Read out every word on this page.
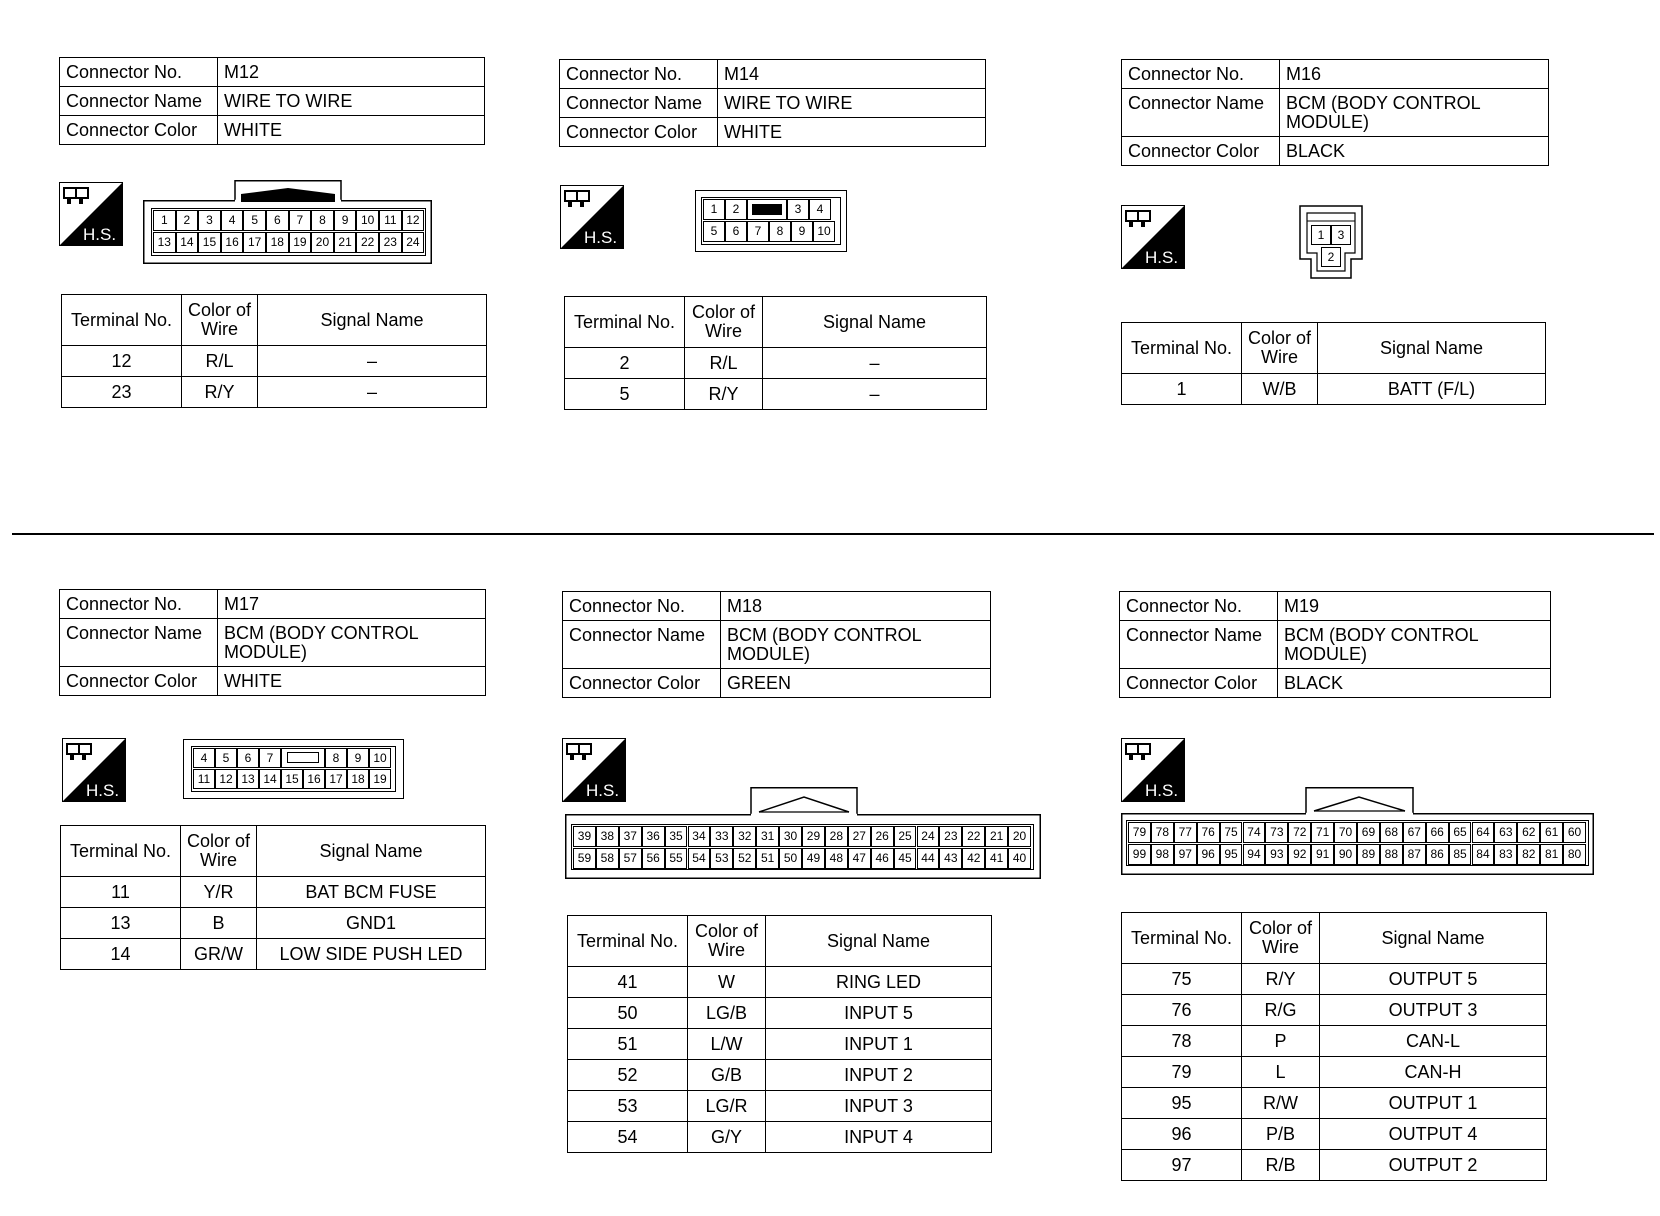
Connector No.	M12
Connector Name	WIRE TO WIRE
Connector Color	WHITE
H.S.
1	2	3	4	5	6	7	8	9	10 11 12
13 14 15 16 17 18 19 20 21 22 23 24
Terminal No.	Color of
Wire	Signal Name
12	R/L	–
23	R/Y	–
Connector No.	M14
Connector Name	WIRE TO WIRE
Connector Color	WHITE
H.S.
1	2	3	4
5	6	7	8	9 10
Terminal No.	Color of
Wire	Signal Name
2	R/L	–
5	R/Y	–
Connector No.	M16
Connector Name	BCM (BODY CONTROL
MODULE)
Connector Color	BLACK
H.S.
1	3
2
Terminal No.	Color of
Wire	Signal Name
1	W/B	BATT (F/L)
Connector No.	M17
Connector Name	BCM (BODY CONTROL
MODULE)
Connector Color	WHITE
H.S.
4	5	6	7	8	9 10
11 12 13 14 15 16 17 18 19
Terminal No.	Color of
Wire	Signal Name
11	Y/R	BAT BCM FUSE
13	B	GND1
14	GR/W	LOW SIDE PUSH LED
Connector No.	M18
Connector Name	BCM (BODY CONTROL
MODULE)
Connector Color	GREEN
H.S.
39 38 37 36 35 34 33 32 31 30 29 28 27 26 25 24 23 22 21 20
59 58 57 56 55 54 53 52 51 50 49 48 47 46 45 44 43 42 41 40
Terminal No.	Color of
Wire	Signal Name
41	W	RING LED
50	LG/B	INPUT 5
51	L/W	INPUT 1
52	G/B	INPUT 2
53	LG/R	INPUT 3
54	G/Y	INPUT 4
Connector No.	M19
Connector Name	BCM (BODY CONTROL
MODULE)
Connector Color	BLACK
H.S.
79 78 77 76 75 74 73 72 71 70 69 68 67 66 65 64 63 62 61 60
99 98 97 96 95 94 93 92 91 90 89 88 87 86 85 84 83 82 81 80
Terminal No.	Color of
Wire	Signal Name
75	R/Y	OUTPUT 5
76	R/G	OUTPUT 3
78	P	CAN-L
79	L	CAN-H
95	R/W	OUTPUT 1
96	P/B	OUTPUT 4
97	R/B	OUTPUT 2
